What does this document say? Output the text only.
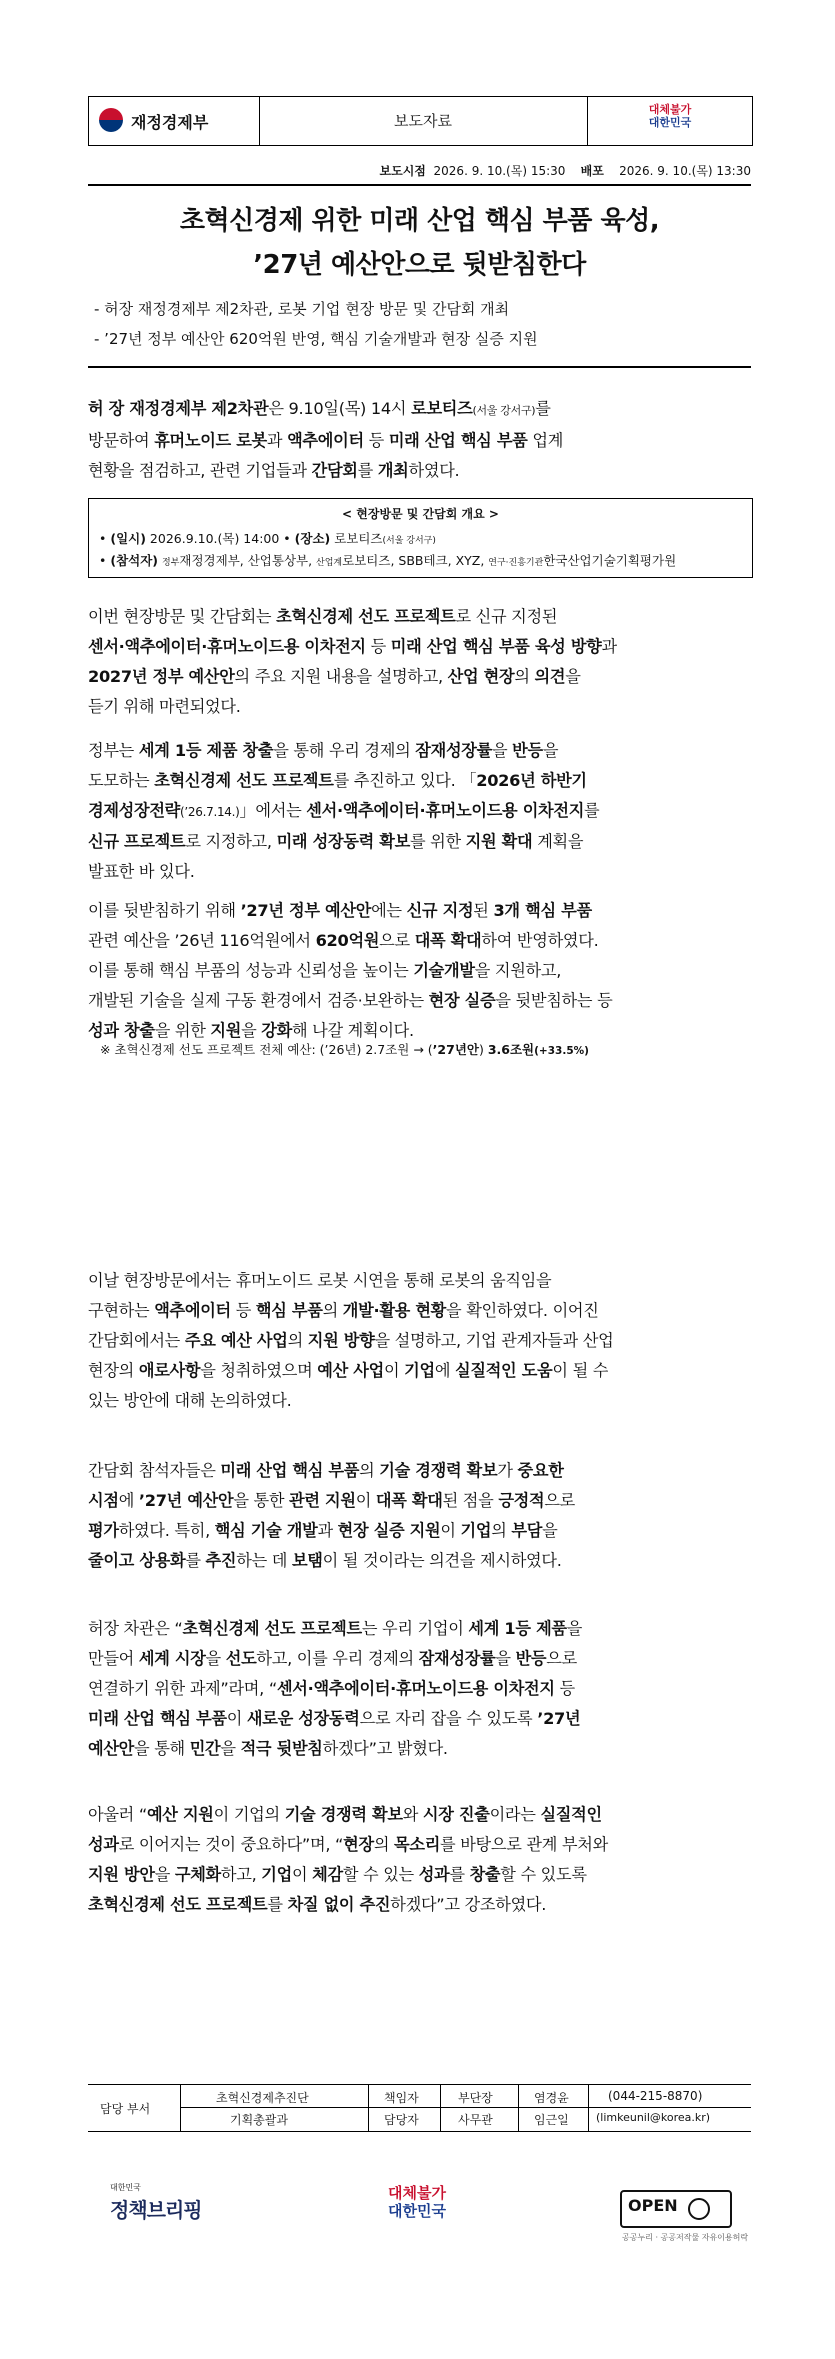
재정경제부	보도자료
대체불가
대한민국
보도시점 2026. 9. 10.(목) 15:30 배포 2026. 9. 10.(목) 13:30
초혁신경제 위한 미래 산업 핵심 부품 육성,
’27년 예산안으로 뒷받침한다
- 허장 재정경제부 제2차관, 로봇 기업 현장 방문 및 간담회 개최
- ’27년 정부 예산안 620억원 반영, 핵심 기술개발과 현장 실증 지원

허 장 재정경제부 제2차관은 9.10일(목) 14시 로보티즈(서울 강서구)를

방문하여 휴머노이드 로봇과 액추에이터 등 미래 산업 핵심 부품 업계

현황을 점검하고, 관련 기업들과 간담회를 개최하였다.

< 현장방문 및 간담회 개요 >
• (일시) 2026.9.10.(목) 14:00 • (장소) 로보티즈(서울 강서구)
• (참석자) 정부재정경제부, 산업통상부, 산업계로보티즈, SBB테크, XYZ, 연구·진흥기관한국산업기술기획평가원

이번 현장방문 및 간담회는 초혁신경제 선도 프로젝트로 신규 지정된

센서·액추에이터·휴머노이드용 이차전지 등 미래 산업 핵심 부품 육성 방향과

2027년 정부 예산안의 주요 지원 내용을 설명하고, 산업 현장의 의견을

듣기 위해 마련되었다.

정부는 세계 1등 제품 창출을 통해 우리 경제의 잠재성장률을 반등을

도모하는 초혁신경제 선도 프로젝트를 추진하고 있다. 「2026년 하반기

경제성장전략(’26.7.14.)」에서는 센서·액추에이터·휴머노이드용 이차전지를

신규 프로젝트로 지정하고, 미래 성장동력 확보를 위한 지원 확대 계획을

발표한 바 있다.

이를 뒷받침하기 위해 ’27년 정부 예산안에는 신규 지정된 3개 핵심 부품

관련 예산을 ’26년 116억원에서 620억원으로 대폭 확대하여 반영하였다.

이를 통해 핵심 부품의 성능과 신뢰성을 높이는 기술개발을 지원하고,

개발된 기술을 실제 구동 환경에서 검증·보완하는 현장 실증을 뒷받침하는 등

성과 창출을 위한 지원을 강화해 나갈 계획이다.

※ 초혁신경제 선도 프로젝트 전체 예산: (’26년) 2.7조원 → (’27년안) 3.6조원(+33.5%)

이날 현장방문에서는 휴머노이드 로봇 시연을 통해 로봇의 움직임을

구현하는 액추에이터 등 핵심 부품의 개발·활용 현황을 확인하였다. 이어진

간담회에서는 주요 예산 사업의 지원 방향을 설명하고, 기업 관계자들과 산업

현장의 애로사항을 청취하였으며 예산 사업이 기업에 실질적인 도움이 될 수

있는 방안에 대해 논의하였다.

간담회 참석자들은 미래 산업 핵심 부품의 기술 경쟁력 확보가 중요한

시점에 ’27년 예산안을 통한 관련 지원이 대폭 확대된 점을 긍정적으로

평가하였다. 특히, 핵심 기술 개발과 현장 실증 지원이 기업의 부담을

줄이고 상용화를 추진하는 데 보탬이 될 것이라는 의견을 제시하였다.

허장 차관은 “초혁신경제 선도 프로젝트는 우리 기업이 세계 1등 제품을

만들어 세계 시장을 선도하고, 이를 우리 경제의 잠재성장률을 반등으로

연결하기 위한 과제”라며, “센서·액추에이터·휴머노이드용 이차전지 등

미래 산업 핵심 부품이 새로운 성장동력으로 자리 잡을 수 있도록 ’27년

예산안을 통해 민간을 적극 뒷받침하겠다”고 밝혔다.

아울러 “예산 지원이 기업의 기술 경쟁력 확보와 시장 진출이라는 실질적인

성과로 이어지는 것이 중요하다”며, “현장의 목소리를 바탕으로 관계 부처와

지원 방안을 구체화하고, 기업이 체감할 수 있는 성과를 창출할 수 있도록

초혁신경제 선도 프로젝트를 차질 없이 추진하겠다”고 강조하였다.

담당 부서
초혁신경제추진단
기획총괄과
책임자
담당자
부단장
사무관
염경윤
임근일
(044-215-8870)
(limkeunil@korea.kr)
대한민국
정책브리핑
대체불가
대한민국	OPEN
공공누리 · 공공저작물 자유이용허락
